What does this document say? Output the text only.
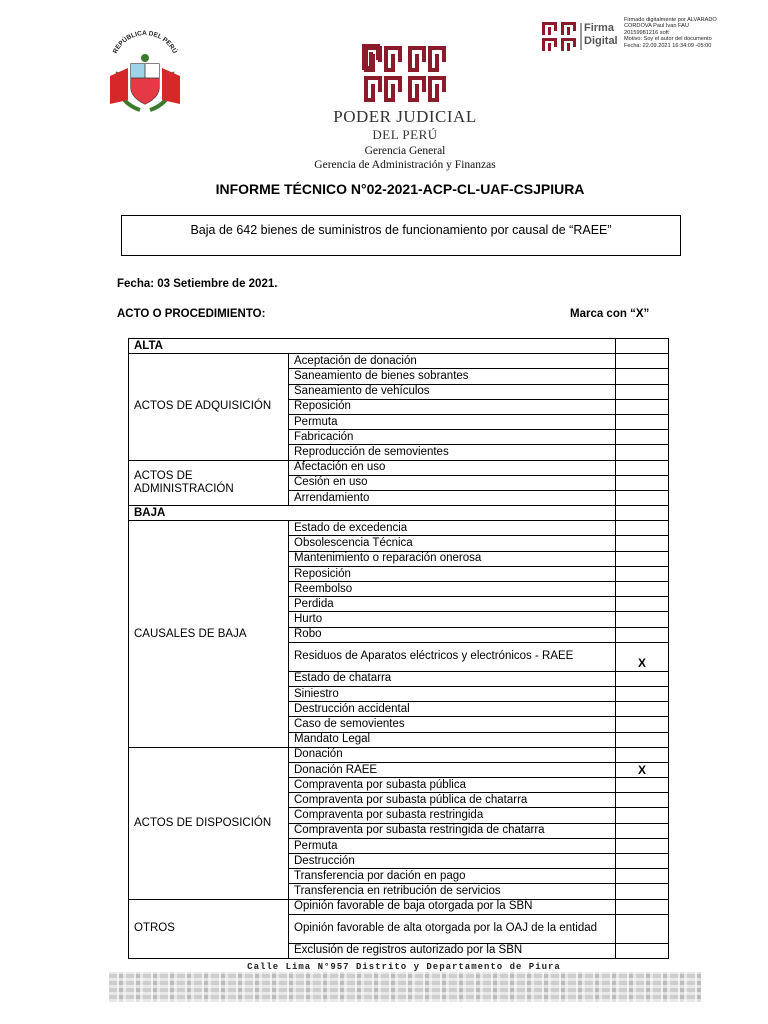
REPÚBLICA DEL PERÚ
PODER JUDICIAL
DEL PERÚ
Gerencia General
Gerencia de Administración y Finanzas
Firma
Digital
Firmado digitalmente por ALVARADO
CORDOVA Paul Ivan FAU
20159981216 soft
Motivo: Soy el autor del documento
Fecha: 22.09.2021 16:34:09 -05:00
INFORME TÉCNICO N°02-2021-ACP-CL-UAF-CSJPIURA
Baja de 642 bienes de suministros de funcionamiento por causal de “RAEE”
Fecha: 03 Setiembre de 2021.
ACTO O PROCEDIMIENTO:	Marca con “X”
ALTA		
ACTOS DE ADQUISICIÓN	Aceptación de donación	
	Saneamiento de bienes sobrantes	
	Saneamiento de vehículos	
	Reposición	
	Permuta	
	Fabricación	
	Reproducción de semovientes	
ACTOS DE ADMINISTRACIÓN	Afectación en uso	
	Cesión en uso	
	Arrendamiento	
BAJA		
CAUSALES DE BAJA	Estado de excedencia	
	Obsolescencia Técnica	
	Mantenimiento o reparación onerosa	
	Reposición	
	Reembolso	
	Perdida	
	Hurto	
	Robo	
	Residuos de Aparatos eléctricos y electrónicos - RAEE	X
	Estado de chatarra	
	Siniestro	
	Destrucción accidental	
	Caso de semovientes	
	Mandato Legal	
ACTOS DE DISPOSICIÓN	Donación	
	Donación RAEE	X
	Compraventa por subasta pública	
	Compraventa por subasta pública de chatarra	
	Compraventa por subasta restringida	
	Compraventa por subasta restringida de chatarra	
	Permuta	
	Destrucción	
	Transferencia por dación en pago	
	Transferencia en retribución de servicios	
OTROS	Opinión favorable de baja otorgada por la SBN	
	Opinión favorable de alta otorgada por la OAJ de la entidad	
	Exclusión de registros autorizado por la SBN	
Calle Lima N°957 Distrito y Departamento de Piura
